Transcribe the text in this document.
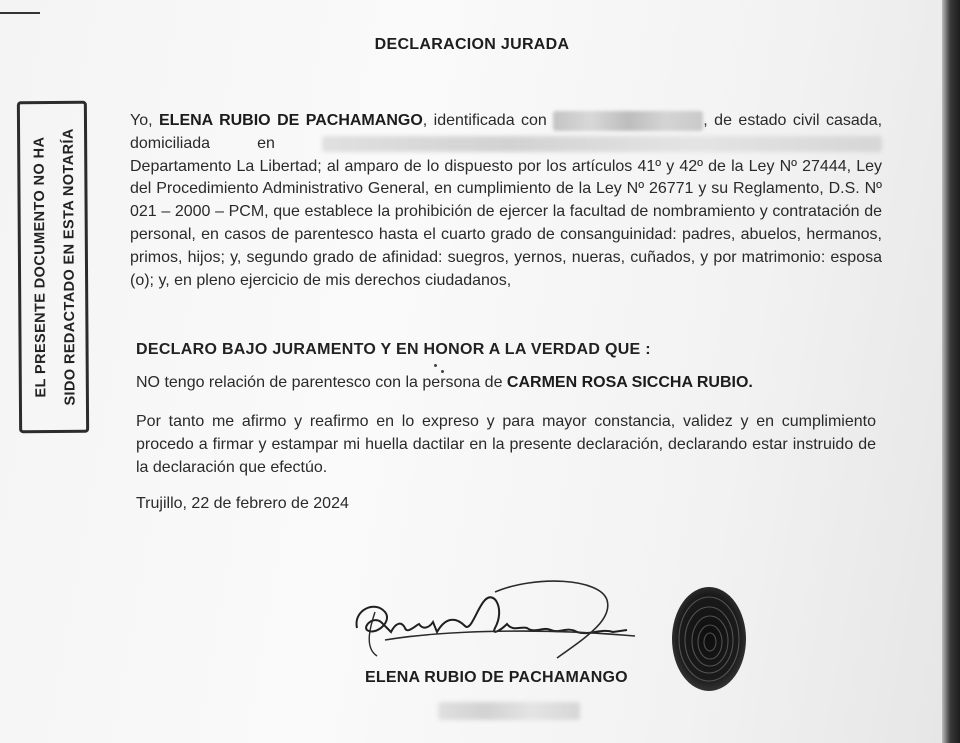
DECLARACION JURADA
EL PRESENTE DOCUMENTO NO HA SIDO REDACTADO EN ESTA NOTARÍA
Yo, ELENA RUBIO DE PACHAMANGO, identificada con	, de estado civil casada, domiciliada en  Departamento La Libertad; al amparo de lo dispuesto por los artículos 41º y 42º de la Ley Nº 27444, Ley del Procedimiento Administrativo General, en cumplimiento de la Ley Nº 26771 y su Reglamento, D.S. Nº 021 – 2000 – PCM, que establece la prohibición de ejercer la facultad de nombramiento y contratación de personal, en casos de parentesco hasta el cuarto grado de consanguinidad: padres, abuelos, hermanos, primos, hijos; y, segundo grado de afinidad: suegros, yernos, nueras, cuñados, y por matrimonio: esposa (o); y, en pleno ejercicio de mis derechos ciudadanos,
DECLARO BAJO JURAMENTO Y EN HONOR A LA VERDAD QUE :
NO tengo relación de parentesco con la persona de CARMEN ROSA SICCHA RUBIO.
Por tanto me afirmo y reafirmo en lo expreso y para mayor constancia, validez y en cumplimiento procedo a firmar y estampar mi huella dactilar en la presente declaración, declarando estar instruido de la declaración que efectúo.
Trujillo, 22 de febrero de 2024
ELENA RUBIO DE PACHAMANGO
